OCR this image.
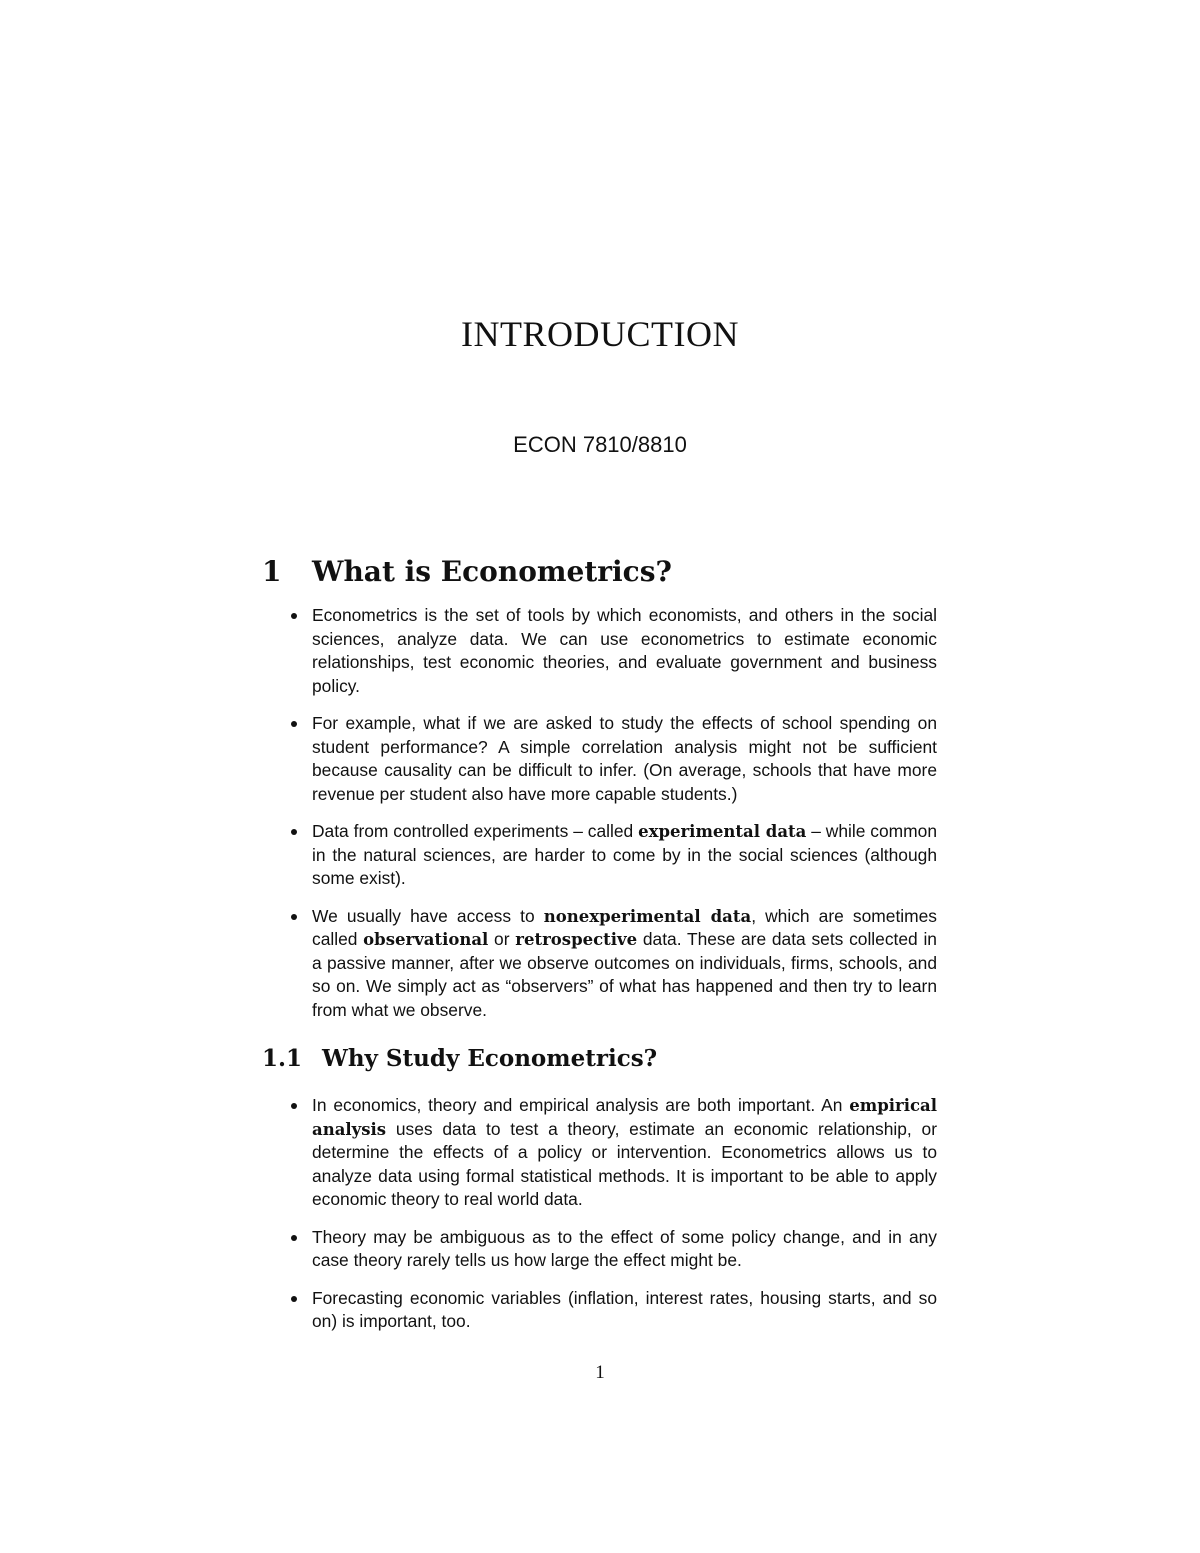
INTRODUCTION

ECON 7810/8810

1 What is Econometrics?
Econometrics is the set of tools by which economists, and others in the social sciences, analyze data. We can use econometrics to estimate economic relationships, test economic theories, and evaluate government and business policy.
For example, what if we are asked to study the effects of school spending on student performance? A simple correlation analysis might not be sufficient because causality can be difficult to infer. (On average, schools that have more revenue per student also have more capable students.)
Data from controlled experiments – called experimental data – while common in the natural sciences, are harder to come by in the social sciences (although some exist).
We usually have access to nonexperimental data, which are sometimes called observational or retrospective data. These are data sets collected in a passive manner, after we observe outcomes on individuals, firms, schools, and so on. We simply act as “observers” of what has happened and then try to learn from what we observe.
1.1 Why Study Econometrics?
In economics, theory and empirical analysis are both important. An empirical analysis uses data to test a theory, estimate an economic relationship, or determine the effects of a policy or intervention. Econometrics allows us to analyze data using formal statistical methods. It is important to be able to apply economic theory to real world data.
Theory may be ambiguous as to the effect of some policy change, and in any case theory rarely tells us how large the effect might be.
Forecasting economic variables (inflation, interest rates, housing starts, and so on) is important, too.

1
